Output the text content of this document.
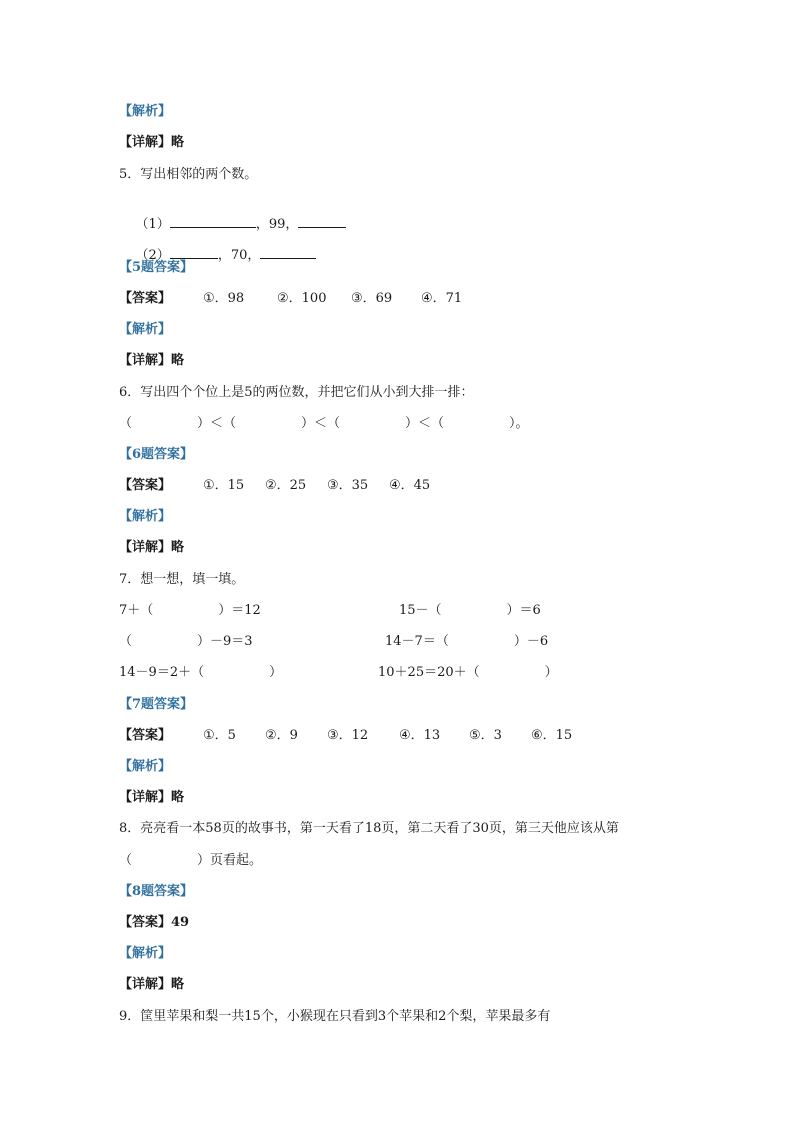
【解析】
【详解】略
5．写出相邻的两个数。

（1）	，99，

（2）	，70，

【5题答案】

【答案】

①．98

	②．100

③．69

④．71

【解析】
【详解】略
6．写出四个个位上是5的两位数，并把它们从小到大排一排：
（　　　　　）＜（　　　　　）＜（　　　　　）＜（　　　　　）。
【6题答案】

【答案】

①．15

②．25

③．35

④．45

【解析】
【详解】略
7．想一想，填一填。
7＋（　　　　　）＝12	15－（　　　　　）＝6
（　　　　　）－9＝3	14－7＝（　　　　　）－6
14－9＝2＋（　　　　　）	10＋25＝20＋（　　　　　）
【7题答案】

【答案】

①．5

②．9

③．12

④．13

⑤．3

⑥．15

【解析】
【详解】略
8．亮亮看一本58页的故事书，第一天看了18页，第二天看了30页，第三天他应该从第
（　　　　　）页看起。
【8题答案】
【答案】49
【解析】
【详解】略
9．筐里苹果和梨一共15个，小猴现在只看到3个苹果和2个梨，苹果最多有
